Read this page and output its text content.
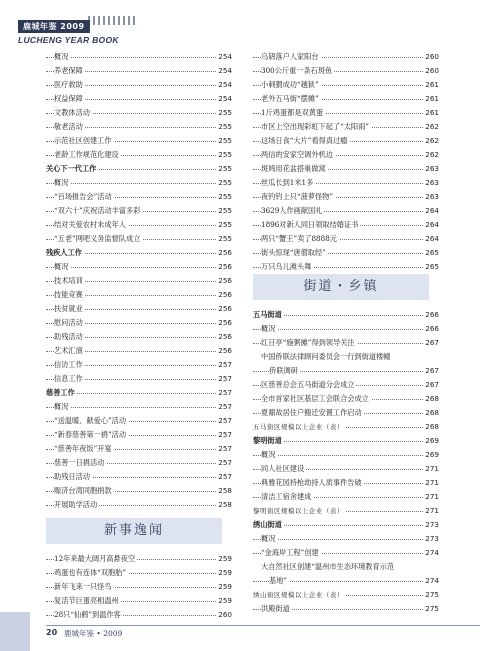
鹿城年鉴 2009
LUCHENG YEAR BOOK
概况	254
养老保障	254
医疗救助	254
权益保障	254
文教体活动	255
敬老活动	255
示范社区创建工作	255
老龄工作规范化建设	255
关心下一代工作	255
概况	255
“百场报告会”活动	255
“双六十”庆祝活动丰富多彩	255
结对关爱农村未成年人	255
“五老”网吧义务监督队成立	255
残疾人工作	256
概况	256
技术培训	256
技能竞赛	256
扶贫就业	256
慰问活动	256
助残活动	256
艺术汇演	256
信访工作	257
信息工作	257
慈善工作	257
概况	257
“送温暖、献爱心”活动	257
“新春慈善第一捐”活动	257
“慈善年夜饭”开宴	257
慈善一日捐活动	257
助残日活动	257
赈济台湾同胞捐款	258
开展助学活动	258
新事逸闻
12年来最大阔月高悬夜空	259
鸡蛋也有连体“双胞胎”	259
新年飞来一只怪鸟	259
复活节巨蛋亮相温州	259
28只“仙鹤”到温作客	260
乌鸫落户人家阳台	260
300公斤重一条石斑鱼	260
小刺猬成功“越狱”	261
老外五马街“摆摊”	261
1斤鸡蛋都是双黄蛋	261
市区上空出现彩虹下起了“太阳雨”	262
这场日食“大片”看得真过瘾	262
两信的安家空调外机边	262
斑鸠用花盆搭巢做窝	263
丝瓜长到1米1多	263
夜钓钓上只“菠萝怪物”	263
3629人作画献国礼	264
1896对新人同日领取结婚证书	264
两只“蟹王”卖了8888元	264
街头惊现“唐僧取经”	265
万只乌儿滩头舞	265
街道・乡镇
五马街道	266
概况	266
红日亭“施粥摊”得到领导关注	267
中国侨联法律顾问委员会一行到街道楼幢
侨联调研	267
区慈善总会五马街道分会成立	267
全市首家社区基层工会联合会成立	268
夏鼐故居住户搬迁安置工作启动	268
五马街区规模以上企业（表）	268
黎明街道	269
概况	269
同人社区建设	271
典雅花园持枪劫持人质事件告破	271
清洁工宿舍建成	271
黎明街区规模以上企业（表）	271
绣山街道	273
概况	273
“金海岸工程”创建	274
大自然社区创建“温州市生态环境教育示范
基地”	274
绣山街区规模以上企业（表）	275
洪殿街道	275
20 鹿城年鉴 • 2009
